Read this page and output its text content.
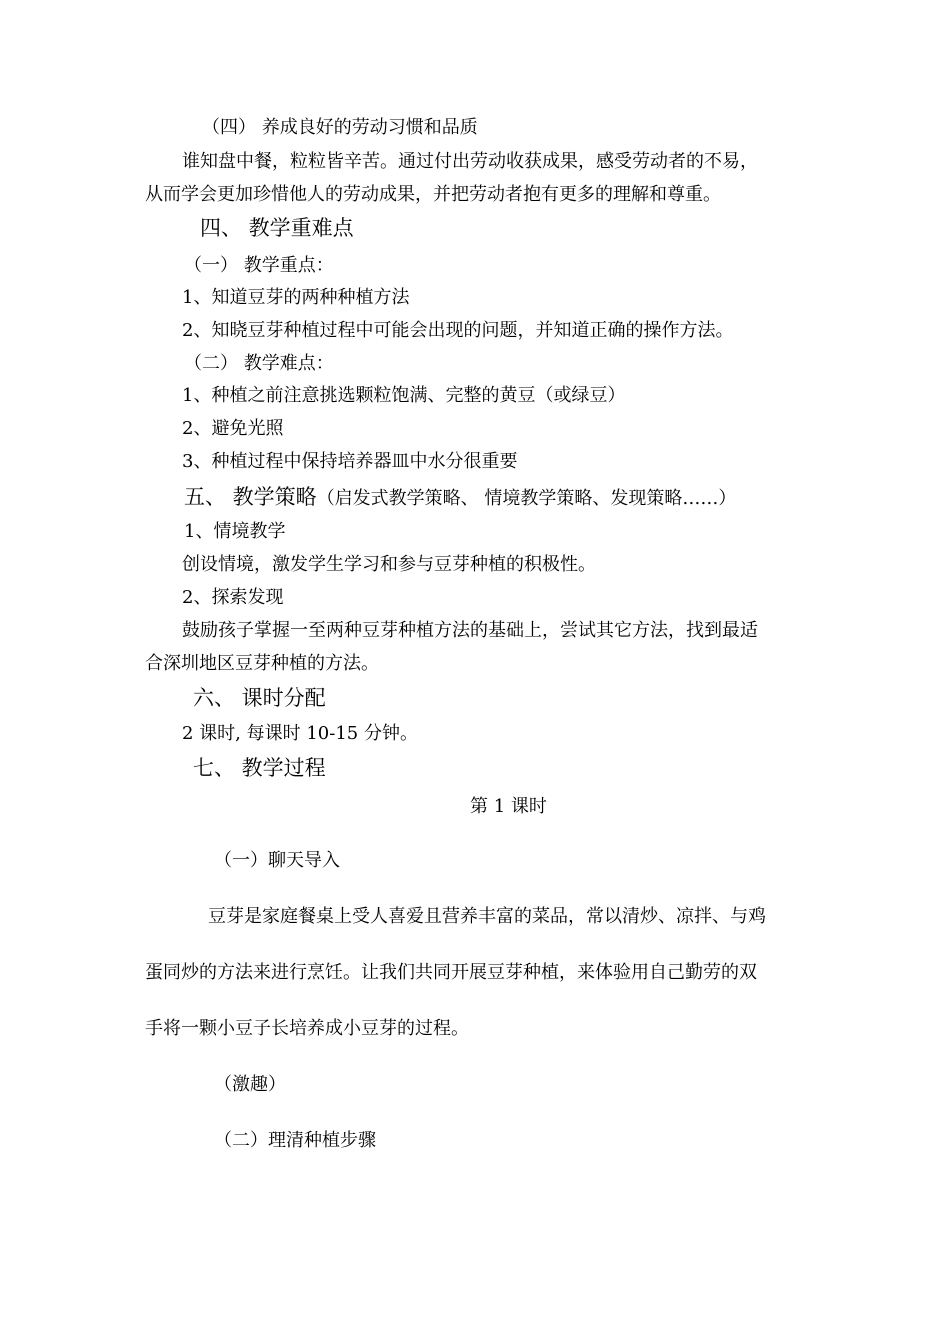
（四） 养成良好的劳动习惯和品质
谁知盘中餐，粒粒皆辛苦。通过付出劳动收获成果，感受劳动者的不易，
从而学会更加珍惜他人的劳动成果，并把劳动者抱有更多的理解和尊重。
四、 教学重难点
（一） 教学重点：
1、知道豆芽的两种种植方法
2、知晓豆芽种植过程中可能会出现的问题，并知道正确的操作方法。
（二） 教学难点：
1、种植之前注意挑选颗粒饱满、完整的黄豆（或绿豆）
2、避免光照
3、种植过程中保持培养器皿中水分很重要
五、 教学策略（启发式教学策略、 情境教学策略、发现策略……）
1、情境教学
创设情境，激发学生学习和参与豆芽种植的积极性。
2、探索发现
鼓励孩子掌握一至两种豆芽种植方法的基础上，尝试其它方法，找到最适
合深圳地区豆芽种植的方法。
六、 课时分配
2 课时, 每课时 10-15 分钟。
七、 教学过程
第 1 课时
（一）聊天导入
豆芽是家庭餐桌上受人喜爱且营养丰富的菜品，常以清炒、凉拌、与鸡
蛋同炒的方法来进行烹饪。让我们共同开展豆芽种植，来体验用自己勤劳的双
手将一颗小豆子长培养成小豆芽的过程。
（激趣）
（二）理清种植步骤
